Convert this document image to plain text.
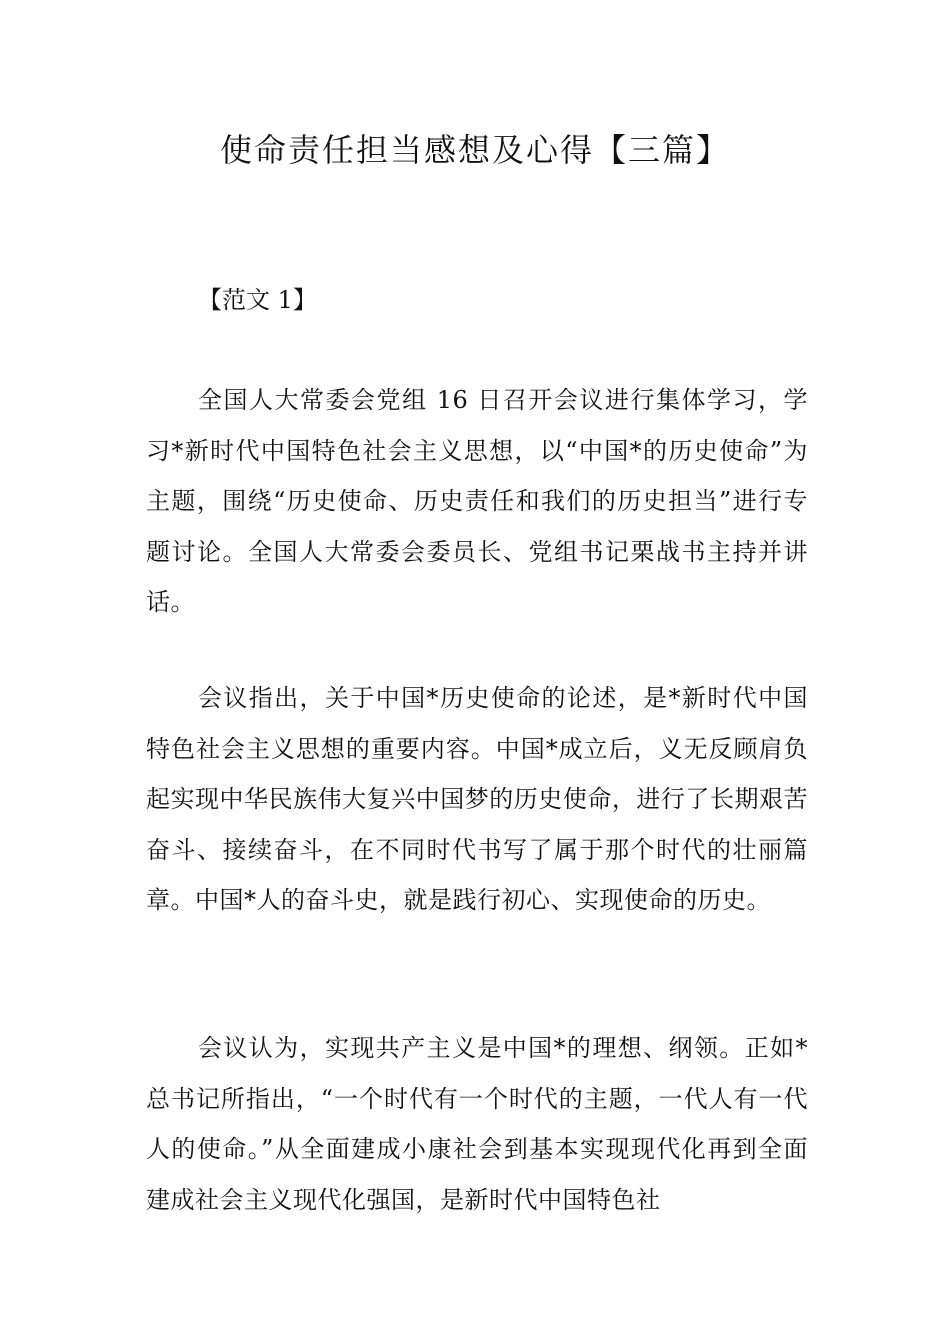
使命责任担当感想及心得【三篇】

【范文 1】

全国人大常委会党组 16 日召开会议进行集体学习，学习*新时代中国特色社会主义思想，以“中国*的历史使命”为主题，围绕“历史使命、历史责任和我们的历史担当”进行专题讨论。全国人大常委会委员长、党组书记栗战书主持并讲话。

会议指出，关于中国*历史使命的论述，是*新时代中国特色社会主义思想的重要内容。中国*成立后，义无反顾肩负起实现中华民族伟大复兴中国梦的历史使命，进行了长期艰苦奋斗、接续奋斗，在不同时代书写了属于那个时代的壮丽篇章。中国*人的奋斗史，就是践行初心、实现使命的历史。

会议认为，实现共产主义是中国*的理想、纲领。正如*总书记所指出，“一个时代有一个时代的主题，一代人有一代人的使命。”从全面建成小康社会到基本实现现代化再到全面建成社会主义现代化强国，是新时代中国特色社
